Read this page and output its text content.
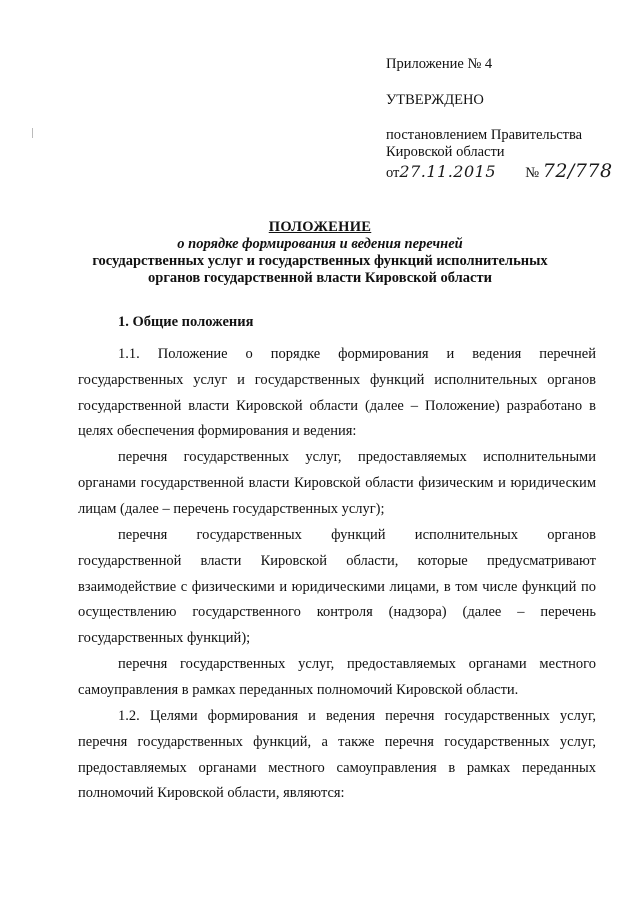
Приложение № 4
УТВЕРЖДЕНО
постановлением Правительства
Кировской области
от27.11.2015 № 72/778
ПОЛОЖЕНИЕ
о порядке формирования и ведения перечней
государственных услуг и государственных функций исполнительных
органов государственной власти Кировской области
1. Общие положения

1.1. Положение о порядке формирования и ведения перечней государственных услуг и государственных функций исполнительных органов государственной власти Кировской области (далее – Положение) разработано в целях обеспечения формирования и ведения:

перечня государственных услуг, предоставляемых исполнительными органами государственной власти Кировской области физическим и юридическим лицам (далее – перечень государственных услуг);

перечня государственных функций исполнительных органов государственной власти Кировской области, которые предусматривают взаимодействие с физическими и юридическими лицами, в том числе функций по осуществлению государственного контроля (надзора) (далее – перечень государственных функций);

перечня государственных услуг, предоставляемых органами местного самоуправления в рамках переданных полномочий Кировской области.

1.2. Целями формирования и ведения перечня государственных услуг, перечня государственных функций, а также перечня государственных услуг, предоставляемых органами местного самоуправления в рамках переданных полномочий Кировской области, являются:
